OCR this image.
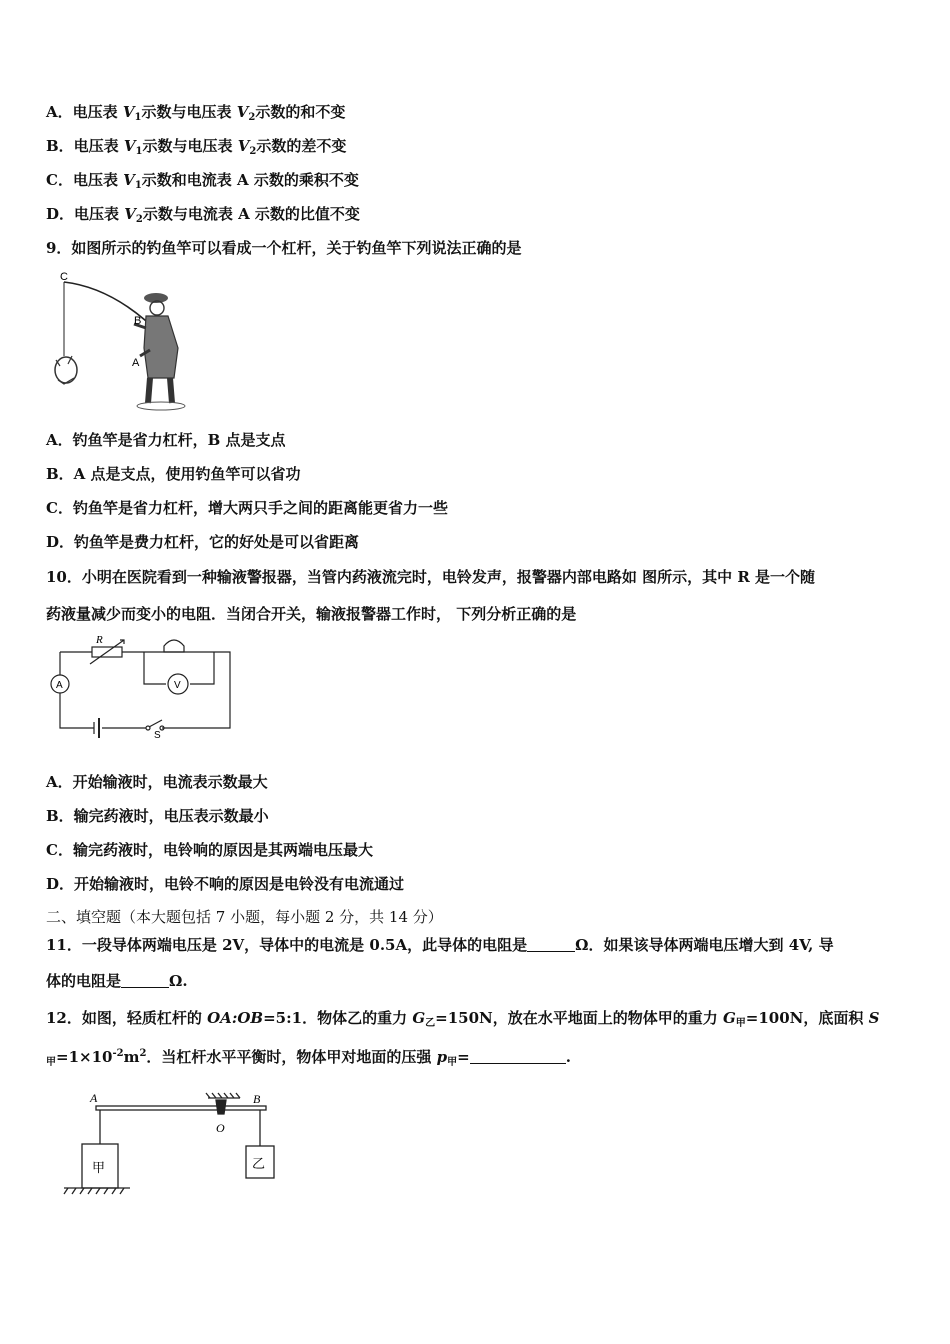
A．电压表 $V_1$示数与电压表 $V_2$示数的和不变
B．电压表 $V_1$示数与电压表 $V_2$示数的差不变
C．电压表 $V_1$示数和电流表 A 示数的乘积不变
D．电压表 $V_2$示数与电流表 A 示数的比值不变
9．如图所示的钓鱼竿可以看成一个杠杆，关于钓鱼竿下列说法正确的是
C
B
A
A．钓鱼竿是省力杠杆，B 点是支点
B．A 点是支点，使用钓鱼竿可以省功
C．钓鱼竿是省力杠杆，增大两只手之间的距离能更省力一些
D．钓鱼竿是费力杠杆，它的好处是可以省距离
10．小明在医院看到一种输液警报器，当管内药液流完时，电铃发声，报警器内部电路如 图所示，其中 R 是一个随
药液量减少而变小的电阻．当闭合开关，输液报警器工作时， 下列分析正确的是
R
A	V
S
A．开始输液时，电流表示数最大
B．输完药液时，电压表示数最小
C．输完药液时，电铃响的原因是其两端电压最大
D．开始输液时，电铃不响的原因是电铃没有电流通过
二、填空题（本大题包括 7 小题，每小题 2 分，共 14 分）
11．一段导体两端电压是 2V，导体中的电流是 0.5A，此导体的电阻是	Ω．如果该导体两端电压增大到 4V, 导
体的电阻是	Ω.
12．如图，轻质杠杆的 OA:OB=5:1．物体乙的重力 $G_乙=150N$，放在水平地面上的物体甲的重力 $G_甲=100N$，底面积 S
$_甲=1\times 10^{-2}m^2$．当杠杆水平平衡时，物体甲对地面的压强 $p_甲=$	.
A	B
O
甲	乙
